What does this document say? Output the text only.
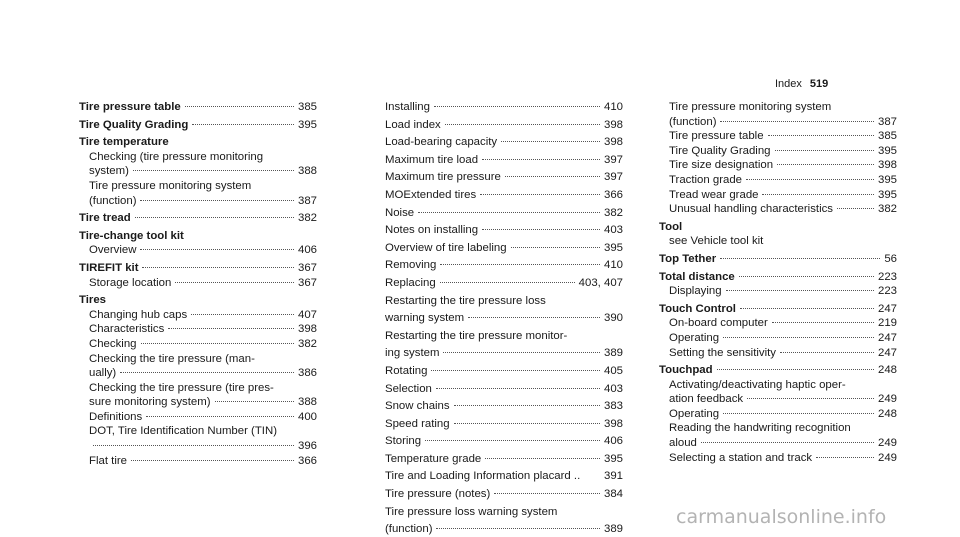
Index 519
Tire pressure table	385
Tire Quality Grading	395
Tire temperature
Checking (tire pressure monitoring
system)	388
Tire pressure monitoring system
(function)	387
Tire tread	382
Tire-change tool kit
Overview	406
TIREFIT kit	367
Storage location	367
Tires
Changing hub caps	407
Characteristics	398
Checking	382
Checking the tire pressure (man-
ually)	386
Checking the tire pressure (tire pres-
sure monitoring system)	388
Definitions	400
DOT, Tire Identification Number (TIN)
396
Flat tire	366
Installing	410
Load index	398
Load-bearing capacity	398
Maximum tire load	397
Maximum tire pressure	397
MOExtended tires	366
Noise	382
Notes on installing	403
Overview of tire labeling	395
Removing	410
Replacing	403, 407
Restarting the tire pressure loss
warning system	390
Restarting the tire pressure monitor-
ing system	389
Rotating	405
Selection	403
Snow chains	383
Speed rating	398
Storing	406
Temperature grade	395
Tire and Loading Information placard .. 391
Tire pressure (notes)	384
Tire pressure loss warning system
(function)	389
Tire pressure monitoring system
(function)	387
Tire pressure table	385
Tire Quality Grading	395
Tire size designation	398
Traction grade	395
Tread wear grade	395
Unusual handling characteristics	382
Tool
see Vehicle tool kit
Top Tether	56
Total distance	223
Displaying	223
Touch Control	247
On-board computer	219
Operating	247
Setting the sensitivity	247
Touchpad	248
Activating/deactivating haptic oper-
ation feedback	249
Operating	248
Reading the handwriting recognition
aloud	249
Selecting a station and track	249
carmanualsonline.info
